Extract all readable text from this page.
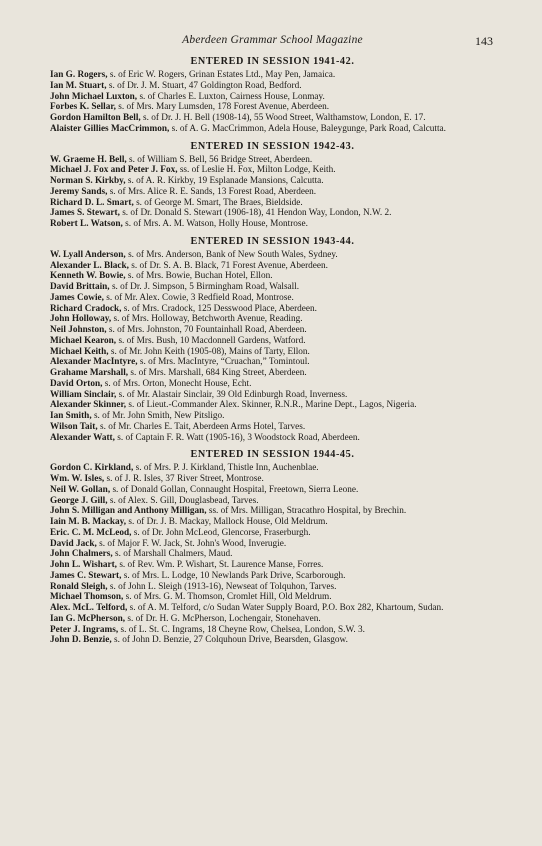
Aberdeen Grammar School Magazine	143
ENTERED IN SESSION 1941-42.
Ian G. Rogers, s. of Eric W. Rogers, Grinan Estates Ltd., May Pen, Jamaica.
Ian M. Stuart, s. of Dr. J. M. Stuart, 47 Goldington Road, Bedford.
John Michael Luxton, s. of Charles E. Luxton, Cairness House, Lonmay.
Forbes K. Sellar, s. of Mrs. Mary Lumsden, 178 Forest Avenue, Aberdeen.
Gordon Hamilton Bell, s. of Dr. J. H. Bell (1908-14), 55 Wood Street, Walthamstow, London, E. 17.
Alaister Gillies MacCrimmon, s. of A. G. MacCrimmon, Adela House, Baleygunge, Park Road, Calcutta.
ENTERED IN SESSION 1942-43.
W. Graeme H. Bell, s. of William S. Bell, 56 Bridge Street, Aberdeen.
Michael J. Fox and Peter J. Fox, ss. of Leslie H. Fox, Milton Lodge, Keith.
Norman S. Kirkby, s. of A. R. Kirkby, 19 Esplanade Mansions, Calcutta.
Jeremy Sands, s. of Mrs. Alice R. E. Sands, 13 Forest Road, Aberdeen.
Richard D. L. Smart, s. of George M. Smart, The Braes, Bieldside.
James S. Stewart, s. of Dr. Donald S. Stewart (1906-18), 41 Hendon Way, London, N.W. 2.
Robert L. Watson, s. of Mrs. A. M. Watson, Holly House, Montrose.
ENTERED IN SESSION 1943-44.
W. Lyall Anderson, s. of Mrs. Anderson, Bank of New South Wales, Sydney.
Alexander L. Black, s. of Dr. S. A. B. Black, 71 Forest Avenue, Aberdeen.
Kenneth W. Bowie, s. of Mrs. Bowie, Buchan Hotel, Ellon.
David Brittain, s. of Dr. J. Simpson, 5 Birmingham Road, Walsall.
James Cowie, s. of Mr. Alex. Cowie, 3 Redfield Road, Montrose.
Richard Cradock, s. of Mrs. Cradock, 125 Desswood Place, Aberdeen.
John Holloway, s. of Mrs. Holloway, Betchworth Avenue, Reading.
Neil Johnston, s. of Mrs. Johnston, 70 Fountainhall Road, Aberdeen.
Michael Kearon, s. of Mrs. Bush, 10 Macdonnell Gardens, Watford.
Michael Keith, s. of Mr. John Keith (1905-08), Mains of Tarty, Ellon.
Alexander MacIntyre, s. of Mrs. MacIntyre, “Cruachan,” Tomintoul.
Grahame Marshall, s. of Mrs. Marshall, 684 King Street, Aberdeen.
David Orton, s. of Mrs. Orton, Monecht House, Echt.
William Sinclair, s. of Mr. Alastair Sinclair, 39 Old Edinburgh Road, Inverness.
Alexander Skinner, s. of Lieut.-Commander Alex. Skinner, R.N.R., Marine Dept., Lagos, Nigeria.
Ian Smith, s. of Mr. John Smith, New Pitsligo.
Wilson Tait, s. of Mr. Charles E. Tait, Aberdeen Arms Hotel, Tarves.
Alexander Watt, s. of Captain F. R. Watt (1905-16), 3 Woodstock Road, Aberdeen.
ENTERED IN SESSION 1944-45.
Gordon C. Kirkland, s. of Mrs. P. J. Kirkland, Thistle Inn, Auchenblae.
Wm. W. Isles, s. of J. R. Isles, 37 River Street, Montrose.
Neil W. Gollan, s. of Donald Gollan, Connaught Hospital, Freetown, Sierra Leone.
George J. Gill, s. of Alex. S. Gill, Douglasbead, Tarves.
John S. Milligan and Anthony Milligan, ss. of Mrs. Milligan, Stracathro Hospital, by Brechin.
Iain M. B. Mackay, s. of Dr. J. B. Mackay, Mallock House, Old Meldrum.
Eric. C. M. McLeod, s. of Dr. John McLeod, Glencorse, Fraserburgh.
David Jack, s. of Major F. W. Jack, St. John's Wood, Inverugie.
John Chalmers, s. of Marshall Chalmers, Maud.
John L. Wishart, s. of Rev. Wm. P. Wishart, St. Laurence Manse, Forres.
James C. Stewart, s. of Mrs. L. Lodge, 10 Newlands Park Drive, Scarborough.
Ronald Sleigh, s. of John L. Sleigh (1913-16), Newseat of Tolquhon, Tarves.
Michael Thomson, s. of Mrs. G. M. Thomson, Cromlet Hill, Old Meldrum.
Alex. McL. Telford, s. of A. M. Telford, c/o Sudan Water Supply Board, P.O. Box 282, Khartoum, Sudan.
Ian G. McPherson, s. of Dr. H. G. McPherson, Lochengair, Stonehaven.
Peter J. Ingrams, s. of L. St. C. Ingrams, 18 Cheyne Row, Chelsea, London, S.W. 3.
John D. Benzie, s. of John D. Benzie, 27 Colquhoun Drive, Bearsden, Glasgow.
